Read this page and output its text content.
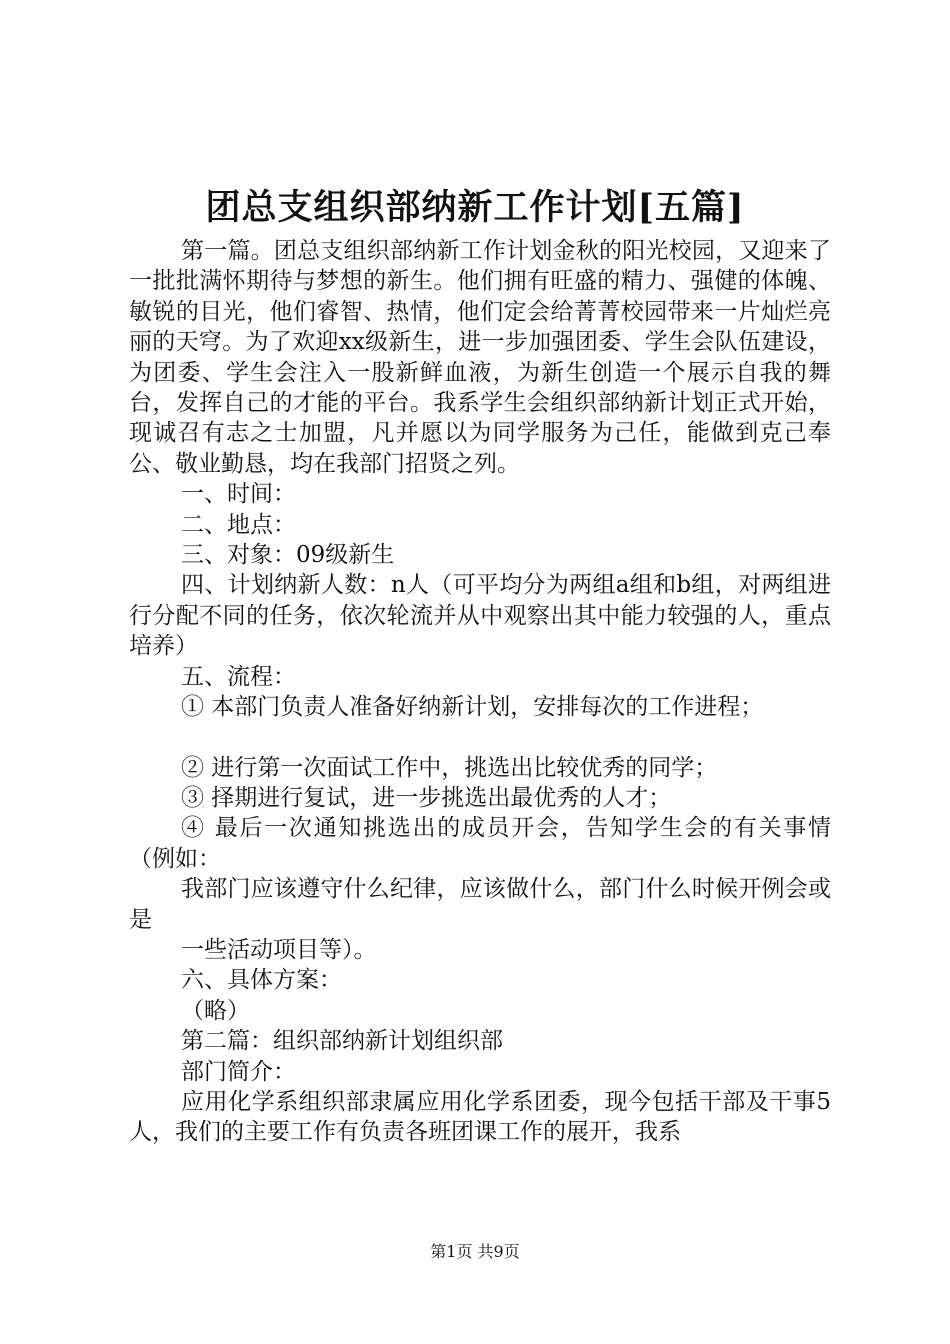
团总支组织部纳新工作计划[五篇]

第一篇。团总支组织部纳新工作计划金秋的阳光校园，又迎来了一批批满怀期待与梦想的新生。他们拥有旺盛的精力、强健的体魄、敏锐的目光，他们睿智、热情，他们定会给菁菁校园带来一片灿烂亮丽的天穹。为了欢迎xx级新生，进一步加强团委、学生会队伍建设，为团委、学生会注入一股新鲜血液，为新生创造一个展示自我的舞台，发挥自己的才能的平台。我系学生会组织部纳新计划正式开始，现诚召有志之士加盟，凡并愿以为同学服务为己任，能做到克己奉公、敬业勤恳，均在我部门招贤之列。

一、时间：

二、地点：

三、对象：09级新生

四、计划纳新人数：n人（可平均分为两组a组和b组，对两组进行分配不同的任务，依次轮流并从中观察出其中能力较强的人，重点培养）

五、流程：

① 本部门负责人准备好纳新计划，安排每次的工作进程；

② 进行第一次面试工作中，挑选出比较优秀的同学；

③ 择期进行复试，进一步挑选出最优秀的人才；

④ 最后一次通知挑选出的成员开会，告知学生会的有关事情（例如：

我部门应该遵守什么纪律，应该做什么，部门什么时候开例会或是

一些活动项目等）。

六、具体方案：

（略）

第二篇：组织部纳新计划组织部

部门简介：

应用化学系组织部隶属应用化学系团委，现今包括干部及干事5人，我们的主要工作有负责各班团课工作的展开，我系

第1页 共9页
